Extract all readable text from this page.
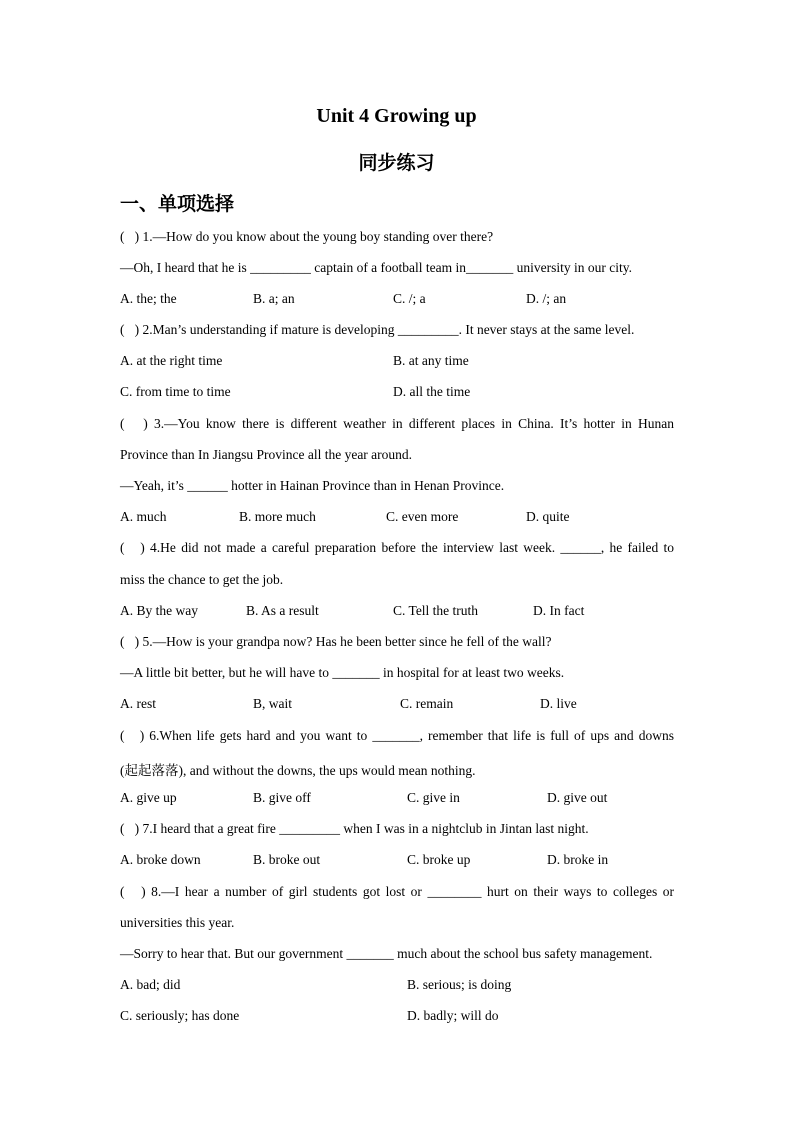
Unit 4 Growing up
同步练习
一、单项选择
(   ) 1.—How do you know about the young boy standing over there?
—Oh, I heard that he is _________ captain of a football team in_______ university in our city.
A. the; the	B. a; an	C. /; a	D. /; an
(   ) 2.Man’s understanding if mature is developing _________. It never stays at the same level.
A. at the right time	B. at any time
C. from time to time	D. all the time
(   ) 3.—You know there is different weather in different places in China. It’s hotter in Hunan
Province than In Jiangsu Province all the year around.
—Yeah, it’s ______ hotter in Hainan Province than in Henan Province.
A. much	B. more much	C. even more	D. quite
(   ) 4.He did not made a careful preparation before the interview last week. ______, he failed to
miss the chance to get the job.
A. By the way	B. As a result	C. Tell the truth	D. In fact
(   ) 5.—How is your grandpa now? Has he been better since he fell of the wall?
—A little bit better, but he will have to _______ in hospital for at least two weeks.
A. rest	B, wait	C. remain	D. live
(   ) 6.When life gets hard and you want to _______, remember that life is full of ups and downs
(起起落落), and without the downs, the ups would mean nothing.
A. give up	B. give off	C. give in	D. give out
(   ) 7.I heard that a great fire _________ when I was in a nightclub in Jintan last night.
A. broke down	B. broke out	C. broke up	D. broke in
(   ) 8.—I hear a number of girl students got lost or ________ hurt on their ways to colleges or
universities this year.
—Sorry to hear that. But our government _______ much about the school bus safety management.
A. bad; did	B. serious; is doing
C. seriously; has done	D. badly; will do
